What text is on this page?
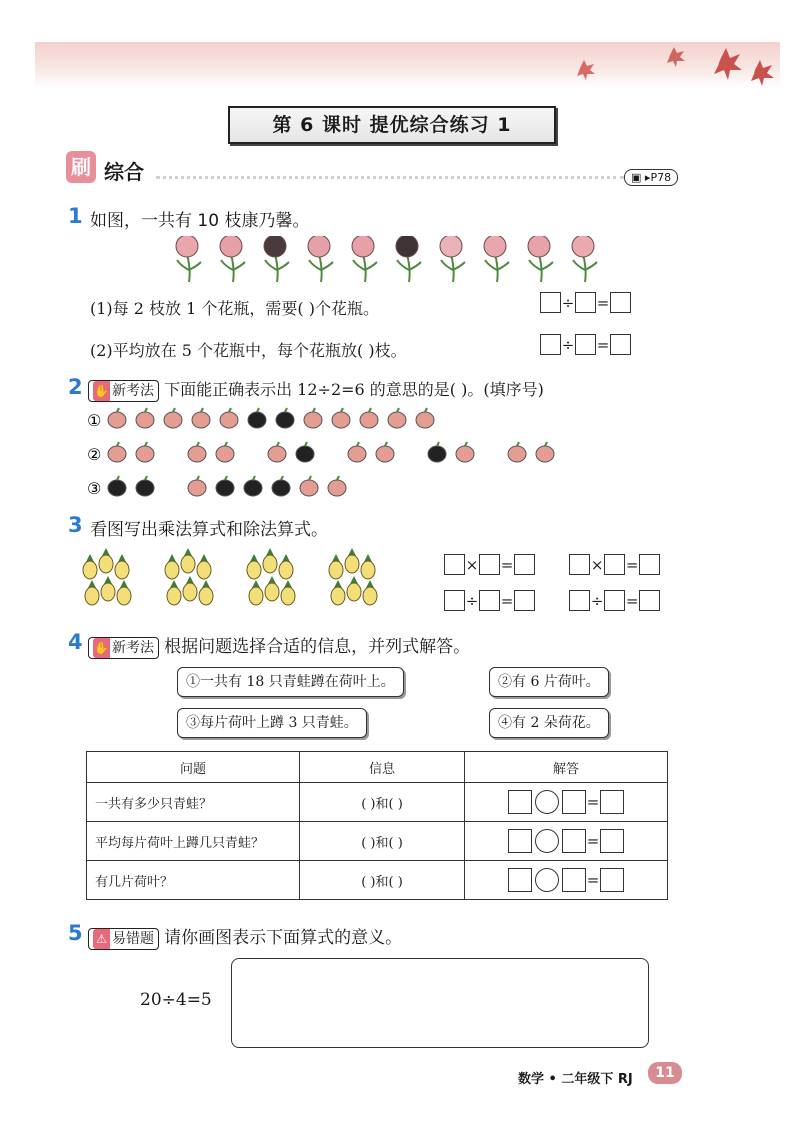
第 6 课时 提优综合练习 1
刷 综合	▣ ▸P78
1 如图，一共有 10 枝康乃馨。
(1)每 2 枝放 1 个花瓶，需要( )个花瓶。	÷ =
(2)平均放在 5 个花瓶中，每个花瓶放( )枝。	÷ =
2 ✋ 新考法 下面能正确表示出 12÷2=6 的意思的是( )。(填序号)
①
②
③
3 看图写出乘法算式和除法算式。
× =	× =
÷ =	÷ =
4 ✋ 新考法 根据问题选择合适的信息，并列式解答。
①一共有 18 只青蛙蹲在荷叶上。	②有 6 片荷叶。
③每片荷叶上蹲 3 只青蛙。	④有 2 朵荷花。
问题	信息	解答
一共有多少只青蛙？	( )和( )	=
平均每片荷叶上蹲几只青蛙？	( )和( )	=
有几片荷叶？	( )和( )	=
5	⚠ 易错题 请你画图表示下面算式的意义。
20÷4=5
数学 • 二年级下 RJ	11
